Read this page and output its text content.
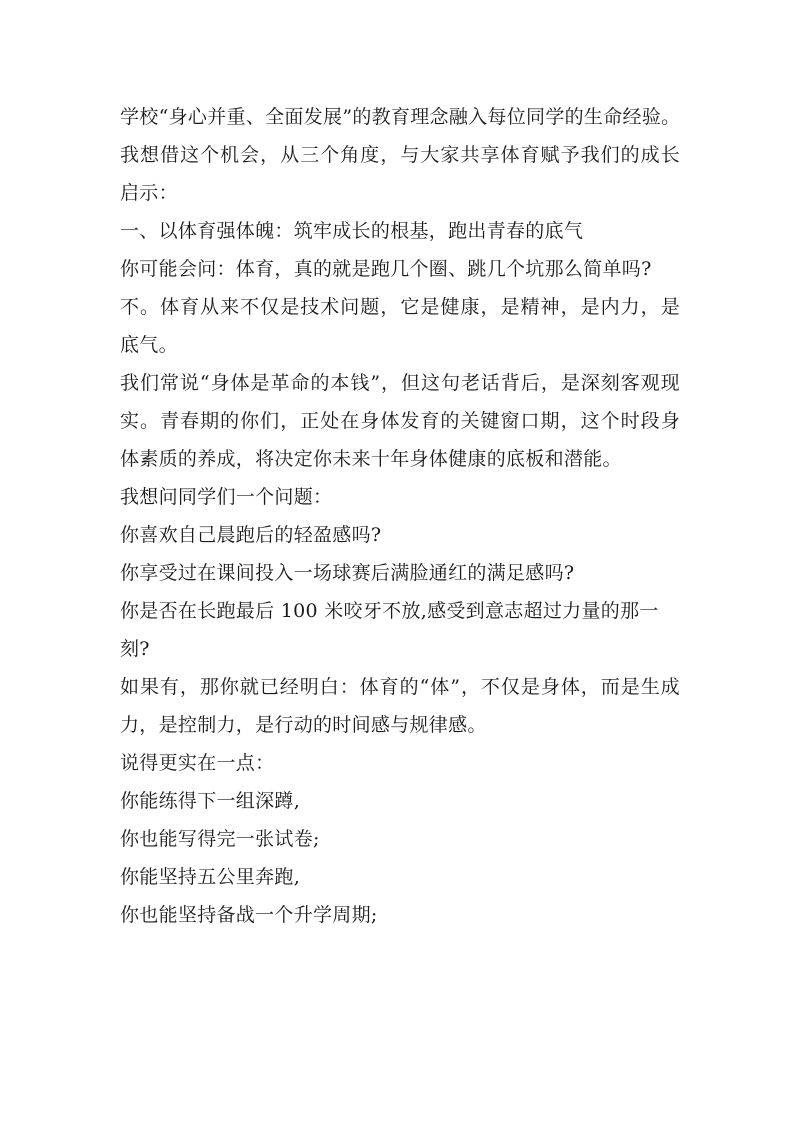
学校“身心并重、全面发展”的教育理念融入每位同学的生命经验。
我想借这个机会，从三个角度，与大家共享体育赋予我们的成长
启示：
一、以体育强体魄：筑牢成长的根基，跑出青春的底气
你可能会问：体育，真的就是跑几个圈、跳几个坑那么简单吗?
不。体育从来不仅是技术问题，它是健康，是精神，是内力，是
底气。
我们常说“身体是革命的本钱”，但这句老话背后，是深刻客观现
实。青春期的你们，正处在身体发育的关键窗口期，这个时段身
体素质的养成，将决定你未来十年身体健康的底板和潜能。
我想问同学们一个问题：
你喜欢自己晨跑后的轻盈感吗?
你享受过在课间投入一场球赛后满脸通红的满足感吗?
你是否在长跑最后 100 米咬牙不放,感受到意志超过力量的那一
刻?
如果有，那你就已经明白：体育的“体”，不仅是身体，而是生成
力，是控制力，是行动的时间感与规律感。
说得更实在一点：
你能练得下一组深蹲,
你也能写得完一张试卷;
你能坚持五公里奔跑,
你也能坚持备战一个升学周期;
